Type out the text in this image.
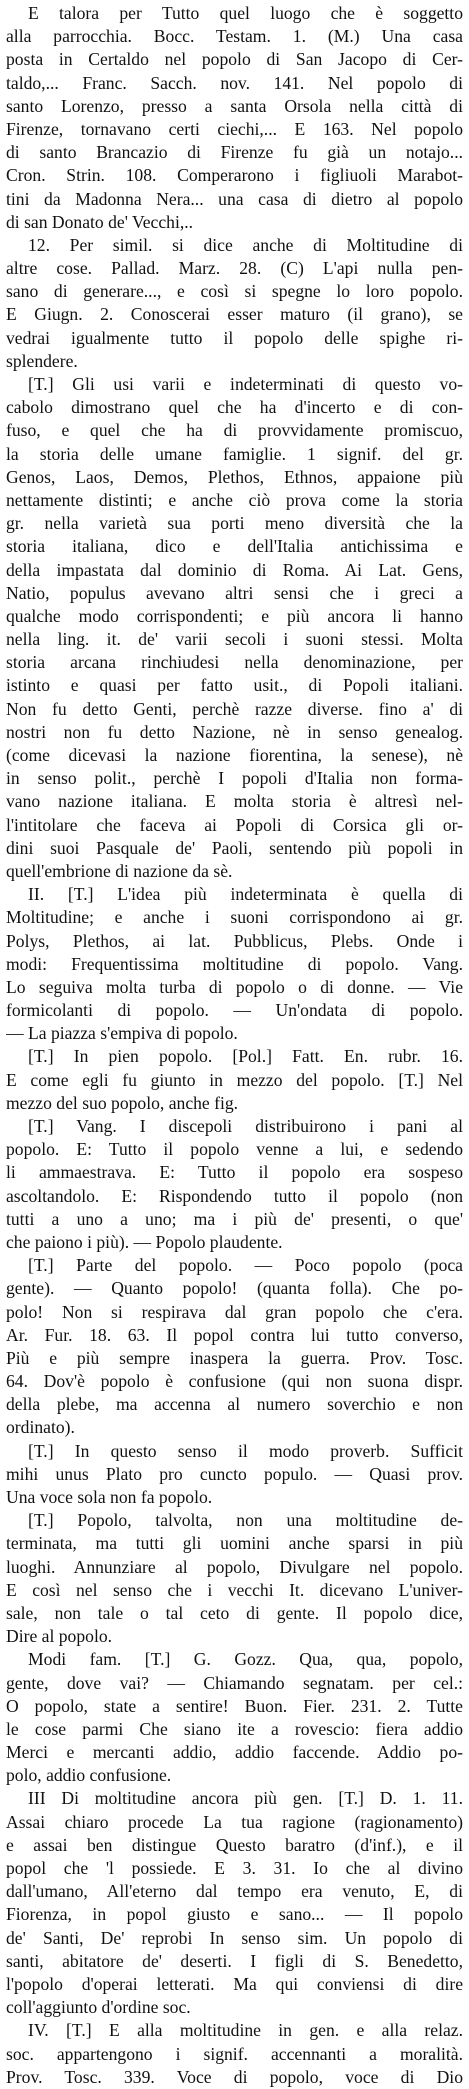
E talora per Tutto quel luogo che è soggetto
alla parrocchia. Bocc. Testam. 1. (M.) Una casa
posta in Certaldo nel popolo di San Jacopo di Cer-
taldo,... Franc. Sacch. nov. 141. Nel popolo di
santo Lorenzo, presso a santa Orsola nella città di
Firenze, tornavano certi ciechi,... E 163. Nel popolo
di santo Brancazio di Firenze fu già un notajo...
Cron. Strin. 108. Comperarono i figliuoli Marabot-
tini da Madonna Nera... una casa di dietro al popolo
di san Donato de' Vecchi,..
12. Per simil. si dice anche di Moltitudine di
altre cose. Pallad. Marz. 28. (C) L'api nulla pen-
sano di generare..., e così si spegne lo loro popolo.
E Giugn. 2. Conoscerai esser maturo (il grano), se
vedrai igualmente tutto il popolo delle spighe ri-
splendere.
[T.] Gli usi varii e indeterminati di questo vo-
cabolo dimostrano quel che ha d'incerto e di con-
fuso, e quel che ha di provvidamente promiscuo,
la storia delle umane famiglie. 1 signif. del gr.
Genos, Laos, Demos, Plethos, Ethnos, appaione più
nettamente distinti; e anche ciò prova come la storia
gr. nella varietà sua porti meno diversità che la
storia italiana, dico e dell'Italia antichissima e
della impastata dal dominio di Roma. Ai Lat. Gens,
Natio, populus avevano altri sensi che i greci a
qualche modo corrispondenti; e più ancora li hanno
nella ling. it. de' varii secoli i suoni stessi. Molta
storia arcana rinchiudesi nella denominazione, per
istinto e quasi per fatto usit., di Popoli italiani.
Non fu detto Genti, perchè razze diverse. fino a' di
nostri non fu detto Nazione, nè in senso genealog.
(come dicevasi la nazione fiorentina, la senese), nè
in senso polit., perchè I popoli d'Italia non forma-
vano nazione italiana. E molta storia è altresì nel-
l'intitolare che faceva ai Popoli di Corsica gli or-
dini suoi Pasquale de' Paoli, sentendo più popoli in
quell'embrione di nazione da sè.
II. [T.] L'idea più indeterminata è quella di
Moltitudine; e anche i suoni corrispondono ai gr.
Polys, Plethos, ai lat. Pubblicus, Plebs. Onde i
modi: Frequentissima moltitudine di popolo. Vang.
Lo seguiva molta turba di popolo o di donne. — Vie
formicolanti di popolo. — Un'ondata di popolo.
— La piazza s'empiva di popolo.
[T.] In pien popolo. [Pol.] Fatt. En. rubr. 16.
E come egli fu giunto in mezzo del popolo. [T.] Nel
mezzo del suo popolo, anche fig.
[T.] Vang. I discepoli distribuirono i pani al
popolo. E: Tutto il popolo venne a lui, e sedendo
li ammaestrava. E: Tutto il popolo era sospeso
ascoltandolo. E: Rispondendo tutto il popolo (non
tutti a uno a uno; ma i più de' presenti, o que'
che paiono i più). — Popolo plaudente.
[T.] Parte del popolo. — Poco popolo (poca
gente). — Quanto popolo! (quanta folla). Che po-
polo! Non si respirava dal gran popolo che c'era.
Ar. Fur. 18. 63. Il popol contra lui tutto converso,
Più e più sempre inaspera la guerra. Prov. Tosc.
64. Dov'è popolo è confusione (qui non suona dispr.
della plebe, ma accenna al numero soverchio e non
ordinato).
[T.] In questo senso il modo proverb. Sufficit
mihi unus Plato pro cuncto populo. — Quasi prov.
Una voce sola non fa popolo.
[T.] Popolo, talvolta, non una moltitudine de-
terminata, ma tutti gli uomini anche sparsi in più
luoghi. Annunziare al popolo, Divulgare nel popolo.
E così nel senso che i vecchi It. dicevano L'univer-
sale, non tale o tal ceto di gente. Il popolo dice,
Dire al popolo.
Modi fam. [T.] G. Gozz. Qua, qua, popolo,
gente, dove vai? — Chiamando segnatam. per cel.:
O popolo, state a sentire! Buon. Fier. 231. 2. Tutte
le cose parmi Che siano ite a rovescio: fiera addio
Merci e mercanti addio, addio faccende. Addio po-
polo, addio confusione.
III Di moltitudine ancora più gen. [T.] D. 1. 11.
Assai chiaro procede La tua ragione (ragionamento)
e assai ben distingue Questo baratro (d'inf.), e il
popol che 'l possiede. E 3. 31. Io che al divino
dall'umano, All'eterno dal tempo era venuto, E, di
Fiorenza, in popol giusto e sano... — Il popolo
de' Santi, De' reprobi In senso sim. Un popolo di
santi, abitatore de' deserti. I figli di S. Benedetto,
l'popolo d'operai letterati. Ma qui conviensi di dire
coll'aggiunto d'ordine soc.
IV. [T.] E alla moltitudine in gen. e alla relaz.
soc. appartengono i signif. accennanti a moralità.
Prov. Tosc. 339. Voce di popolo, voce di Dio
